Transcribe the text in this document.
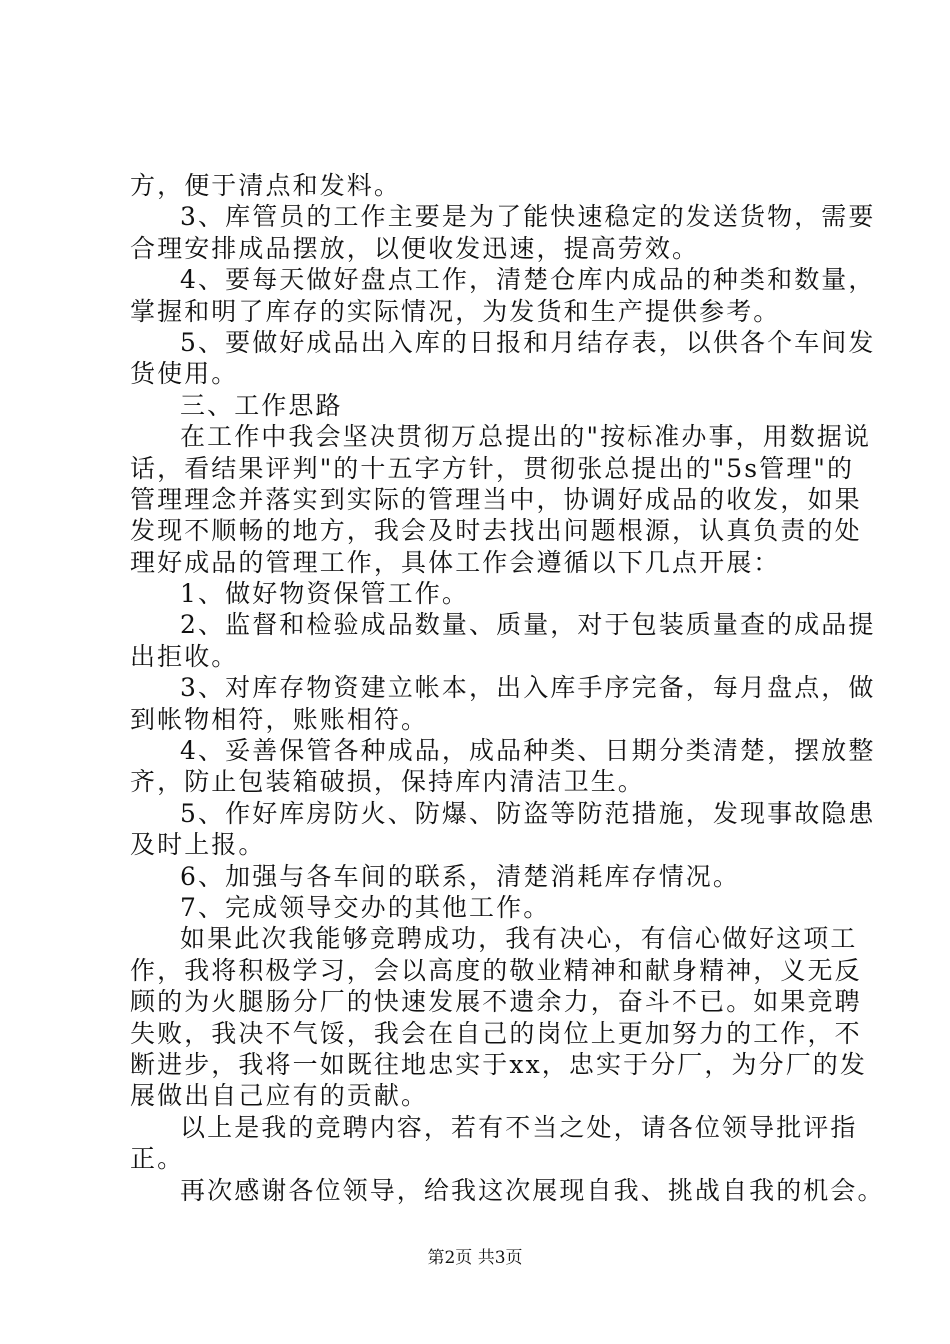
方，便于清点和发料。
3、库管员的工作主要是为了能快速稳定的发送货物，需要
合理安排成品摆放，以便收发迅速，提高劳效。
4、要每天做好盘点工作，清楚仓库内成品的种类和数量，
掌握和明了库存的实际情况，为发货和生产提供参考。
5、要做好成品出入库的日报和月结存表，以供各个车间发
货使用。
三、工作思路
在工作中我会坚决贯彻万总提出的"按标准办事，用数据说
话，看结果评判"的十五字方针，贯彻张总提出的"5s管理"的
管理理念并落实到实际的管理当中，协调好成品的收发，如果
发现不顺畅的地方，我会及时去找出问题根源，认真负责的处
理好成品的管理工作，具体工作会遵循以下几点开展：
1、做好物资保管工作。
2、监督和检验成品数量、质量，对于包装质量查的成品提
出拒收。
3、对库存物资建立帐本，出入库手序完备，每月盘点，做
到帐物相符，账账相符。
4、妥善保管各种成品，成品种类、日期分类清楚，摆放整
齐，防止包装箱破损，保持库内清洁卫生。
5、作好库房防火、防爆、防盗等防范措施，发现事故隐患
及时上报。
6、加强与各车间的联系，清楚消耗库存情况。
7、完成领导交办的其他工作。
如果此次我能够竞聘成功，我有决心，有信心做好这项工
作，我将积极学习，会以高度的敬业精神和献身精神，义无反
顾的为火腿肠分厂的快速发展不遗余力，奋斗不已。如果竞聘
失败，我决不气馁，我会在自己的岗位上更加努力的工作，不
断进步，我将一如既往地忠实于xx，忠实于分厂，为分厂的发
展做出自己应有的贡献。
以上是我的竞聘内容，若有不当之处，请各位领导批评指
正。
再次感谢各位领导，给我这次展现自我、挑战自我的机会。
第2页 共3页
